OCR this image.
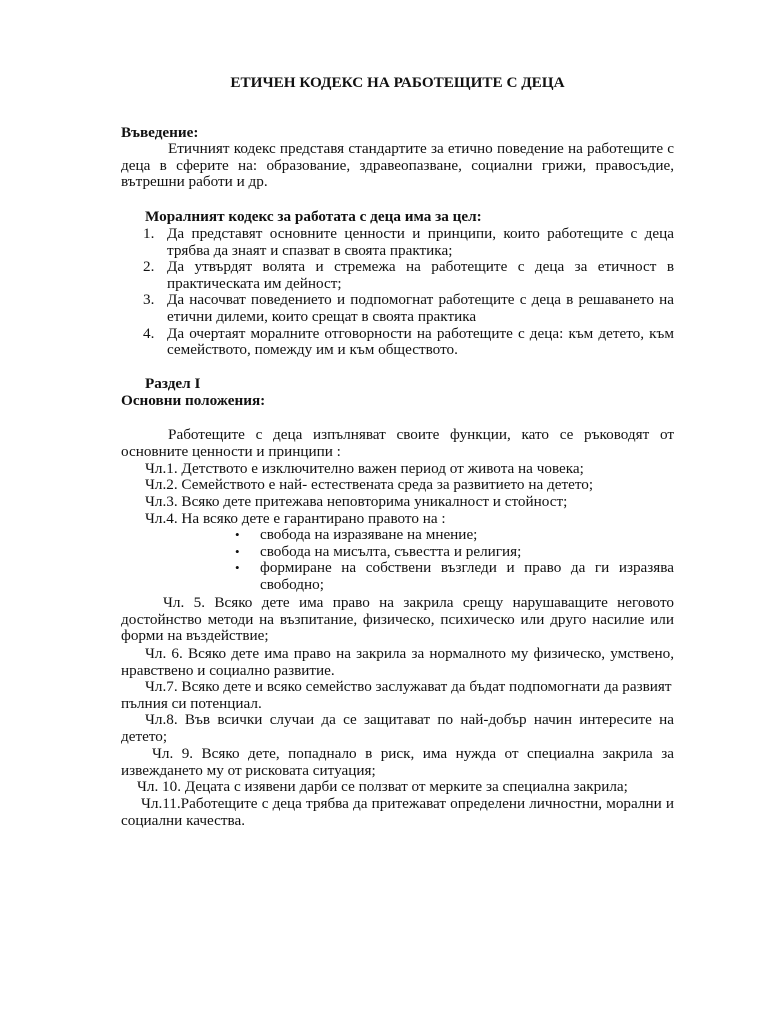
ЕТИЧЕН КОДЕКС НА РАБОТЕЩИТЕ С ДЕЦА
Въведение:
Етичният кодекс представя стандартите за етично поведение на работещите с деца в сферите на: образование, здравеопазване, социални грижи, правосъдие, вътрешни работи и др.
Моралният кодекс за работата с деца има за цел:
1. Да представят основните ценности и принципи, които работещите с деца трябва да знаят и спазват в своята практика;
2. Да утвърдят волята и стремежа на работещите с деца за етичност в практическата им дейност;
3. Да насочват поведението и подпомогнат работещите с деца в решаването на етични дилеми, които срещат в своята практика
4. Да очертаят моралните отговорности на работещите с деца: към детето, към семейството, помежду им и към обществото.
Раздел I
Основни положения:
Работещите с деца изпълняват своите функции, като се ръководят от основните ценности и принципи :
Чл.1. Детството е изключително важен период от живота на човека;
Чл.2. Семейството е най- естествената среда за развитието на детето;
Чл.3. Всяко дете притежава неповторима уникалност и стойност;
Чл.4. На всяко дете е гарантирано правото на :
• свобода на изразяване на мнение;
• свобода на мисълта, съвестта и религия;
• формиране на собствени възгледи и право да ги изразява свободно;
Чл. 5. Всяко дете има право на закрила срещу нарушаващите неговото достойнство методи на възпитание, физическо, психическо или друго насилие или форми на въздействие;
Чл. 6. Всяко дете има право на закрила за нормалното му физическо, умствено, нравствено и социално развитие.
Чл.7. Всяко дете и всяко семейство заслужават да бъдат подпомогнати да развият пълния си потенциал.
Чл.8. Във всички случаи да се защитават по най-добър начин интересите на детето;
Чл. 9. Всяко дете, попаднало в риск, има нужда от специална закрила за извеждането му от рисковата ситуация;
Чл. 10. Децата с изявени дарби се ползват от мерките за специална закрила;
Чл.11.Работещите с деца трябва да притежават определени личностни, морални и социални качества.
